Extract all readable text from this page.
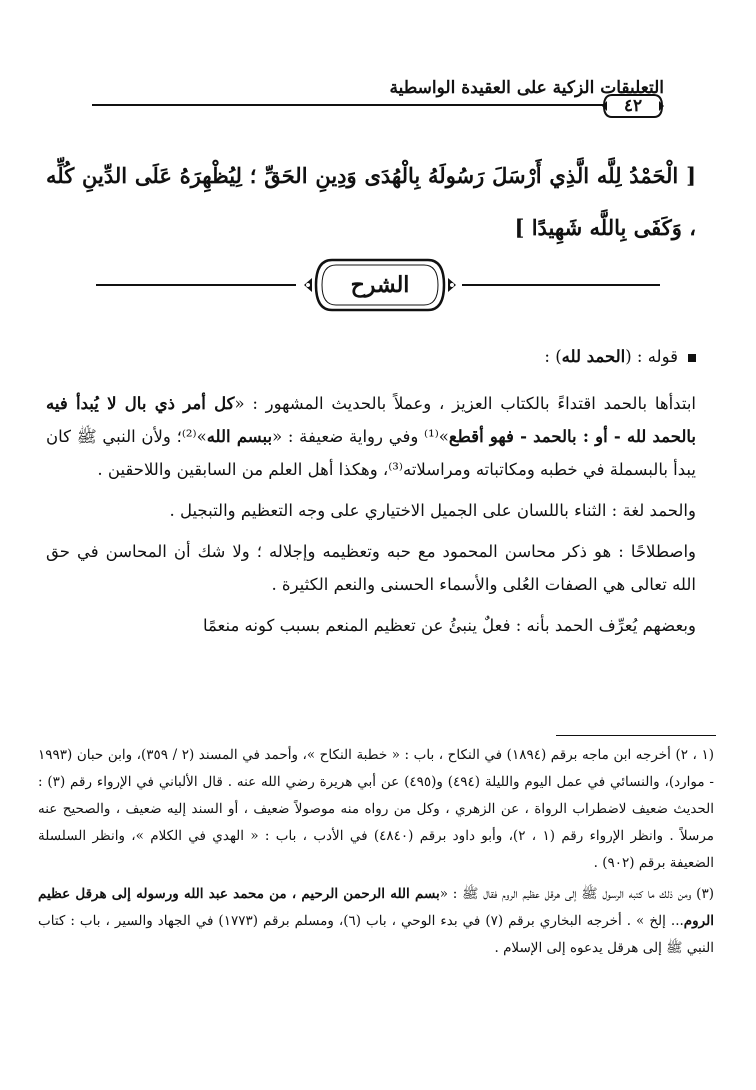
التعليقات الزكية على العقيدة الواسطية
٤٢
[ الْحَمْدُ لِلَّه الَّذِي أَرْسَلَ رَسُولَهُ بِالْهُدَى وَدِينِ الحَقِّ ؛ لِيُظْهِرَهُ عَلَى الدِّينِ كُلِّه ، وَكَفَى بِاللَّه شَهِيدًا ]
الشرح

قوله : (الحمد لله) :

ابتدأها بالحمد اقتداءً بالكتاب العزيز ، وعملاً بالحديث المشهور : «كل أمر ذي بال لا يُبدأ فيه بالحمد لله - أو : بالحمد - فهو أقطع»⁽¹⁾ وفي رواية ضعيفة : «ببسم الله»⁽²⁾؛ ولأن النبي ﷺ كان يبدأ بالبسملة في خطبه ومكاتباته ومراسلاته⁽³⁾، وهكذا أهل العلم من السابقين واللاحقين .

والحمد لغة : الثناء باللسان على الجميل الاختياري على وجه التعظيم والتبجيل .

واصطلاحًا : هو ذكر محاسن المحمود مع حبه وتعظيمه وإجلاله ؛ ولا شك أن المحاسن في حق الله تعالى هي الصفات العُلى والأسماء الحسنى والنعم الكثيرة .

وبعضهم يُعرِّف الحمد بأنه : فعلٌ ينبئُ عن تعظيم المنعم بسبب كونه منعمًا

(١ ، ٢) أخرجه ابن ماجه برقم (١٨٩٤) في النكاح ، باب : « خطبة النكاح »، وأحمد في المسند (٢ / ٣٥٩)، وابن حبان (١٩٩٣ - موارد)، والنسائي في عمل اليوم والليلة (٤٩٤) و(٤٩٥) عن أبي هريرة رضي الله عنه . قال الألباني في الإرواء رقم (٣) : الحديث ضعيف لاضطراب الرواة ، عن الزهري ، وكل من رواه منه موصولاً ضعيف ، أو السند إليه ضعيف ، والصحيح عنه مرسلاً . وانظر الإرواء رقم (١ ، ٢)، وأبو داود برقم (٤٨٤٠) في الأدب ، باب : « الهدي في الكلام »، وانظر السلسلة الضعيفة برقم (٩٠٢) .

(٣) ومن ذلك ما كتبه الرسول ﷺ إلى هرقل عظيم الروم فقال ﷺ : «بسم الله الرحمن الرحيم ، من محمد عبد الله ورسوله إلى هرقل عظيم الروم... إلخ » . أخرجه البخاري برقم (٧) في بدء الوحي ، باب (٦)، ومسلم برقم (١٧٧٣) في الجهاد والسير ، باب : كتاب النبي ﷺ إلى هرقل يدعوه إلى الإسلام .
